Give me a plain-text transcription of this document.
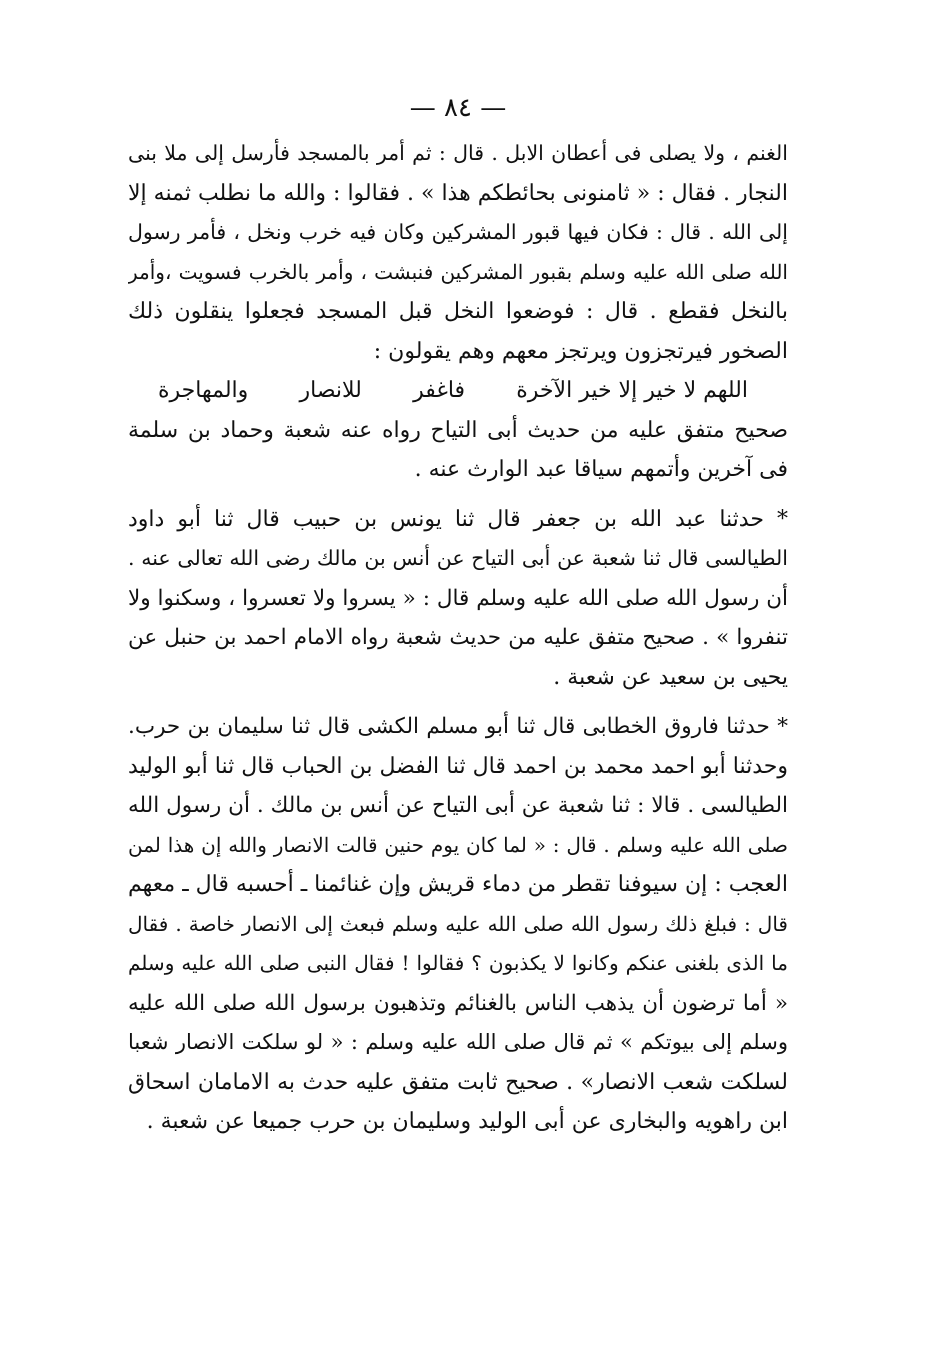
— ٨٤ —
الغنم ، ولا يصلى فى أعطان الابل . قال : ثم أمر بالمسجد فأرسل إلى ملا بنى
النجار . فقال : « ثامنونى بحائطكم هذا » . فقالوا : والله ما نطلب ثمنه إلا
إلى الله . قال : فكان فيها قبور المشركين وكان فيه خرب ونخل ، فأمر رسول
الله صلى الله عليه وسلم بقبور المشركين فنبشت ، وأمر بالخرب فسويت ،وأمر
بالنخل فقطع . قال : فوضعوا النخل قبل المسجد فجعلوا ينقلون ذلك
الصخور فيرتجزون ويرتجز معهم وهم يقولون :
اللهم لا خير إلا خير الآخرة
فاغفر
للانصار
والمهاجرة
صحيح متفق عليه من حديث أبى التياح رواه عنه شعبة وحماد بن سلمة
فى آخرين وأتمهم سياقا عبد الوارث عنه .
* حدثنا عبد الله بن جعفر قال ثنا يونس بن حبيب قال ثنا أبو داود
الطيالسى قال ثنا شعبة عن أبى التياح عن أنس بن مالك رضى الله تعالى عنه .
أن رسول الله صلى الله عليه وسلم قال : « يسروا ولا تعسروا ، وسكنوا ولا
تنفروا » . صحيح متفق عليه من حديث شعبة رواه الامام احمد بن حنبل عن
يحيى بن سعيد عن شعبة .
* حدثنا فاروق الخطابى قال ثنا أبو مسلم الكشى قال ثنا سليمان بن حرب.
وحدثنا أبو احمد محمد بن احمد قال ثنا الفضل بن الحباب قال ثنا أبو الوليد
الطيالسى . قالا : ثنا شعبة عن أبى التياح عن أنس بن مالك . أن رسول الله
صلى الله عليه وسلم . قال : « لما كان يوم حنين قالت الانصار والله إن هذا لمن
العجب : إن سيوفنا تقطر من دماء قريش وإن غنائمنا ـ أحسبه قال ـ معهم
قال : فبلغ ذلك رسول الله صلى الله عليه وسلم فبعث إلى الانصار خاصة . فقال
ما الذى بلغنى عنكم وكانوا لا يكذبون ؟ فقالوا ! فقال النبى صلى الله عليه وسلم
« أما ترضون أن يذهب الناس بالغنائم وتذهبون برسول الله صلى الله عليه
وسلم إلى بيوتكم » ثم قال صلى الله عليه وسلم : « لو سلكت الانصار شعبا
لسلكت شعب الانصار» . صحيح ثابت متفق عليه حدث به الامامان اسحاق
ابن راهويه والبخارى عن أبى الوليد وسليمان بن حرب جميعا عن شعبة .
